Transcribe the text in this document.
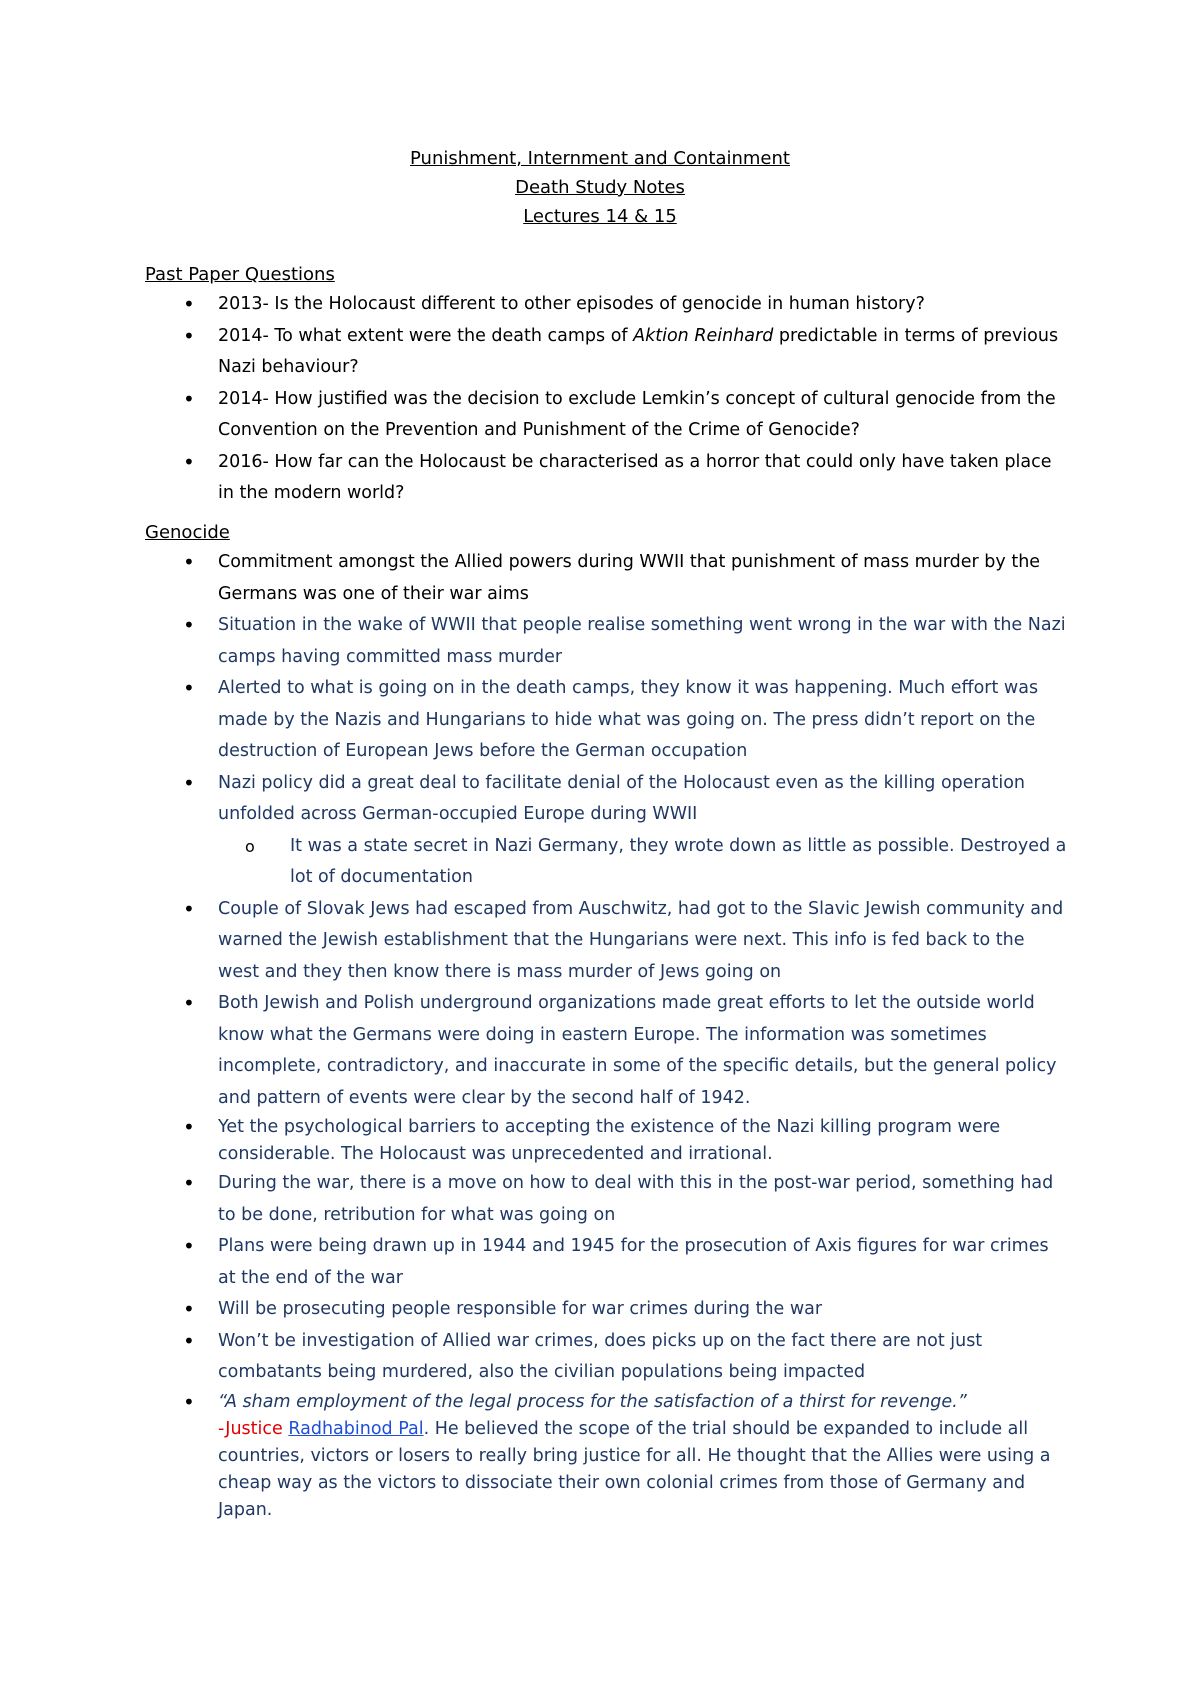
Punishment, Internment and Containment
Death Study Notes
Lectures 14 & 15
Past Paper Questions
• 2013- Is the Holocaust different to other episodes of genocide in human history?
• 2014- To what extent were the death camps of Aktion Reinhard predictable in terms of previous Nazi behaviour?
• 2014- How justified was the decision to exclude Lemkin’s concept of cultural genocide from the Convention on the Prevention and Punishment of the Crime of Genocide?
• 2016- How far can the Holocaust be characterised as a horror that could only have taken place in the modern world?
Genocide
• Commitment amongst the Allied powers during WWII that punishment of mass murder by the Germans was one of their war aims
• Situation in the wake of WWII that people realise something went wrong in the war with the Nazi camps having committed mass murder
• Alerted to what is going on in the death camps, they know it was happening. Much effort was made by the Nazis and Hungarians to hide what was going on. The press didn’t report on the destruction of European Jews before the German occupation
• Nazi policy did a great deal to facilitate denial of the Holocaust even as the killing operation unfolded across German-occupied Europe during WWII
o It was a state secret in Nazi Germany, they wrote down as little as possible. Destroyed a lot of documentation
• Couple of Slovak Jews had escaped from Auschwitz, had got to the Slavic Jewish community and warned the Jewish establishment that the Hungarians were next. This info is fed back to the west and they then know there is mass murder of Jews going on
• Both Jewish and Polish underground organizations made great efforts to let the outside world know what the Germans were doing in eastern Europe. The information was sometimes incomplete, contradictory, and inaccurate in some of the specific details, but the general policy and pattern of events were clear by the second half of 1942.
• Yet the psychological barriers to accepting the existence of the Nazi killing program were considerable. The Holocaust was unprecedented and irrational.
• During the war, there is a move on how to deal with this in the post-war period, something had to be done, retribution for what was going on
• Plans were being drawn up in 1944 and 1945 for the prosecution of Axis figures for war crimes at the end of the war
• Will be prosecuting people responsible for war crimes during the war
• Won’t be investigation of Allied war crimes, does picks up on the fact there are not just combatants being murdered, also the civilian populations being impacted
• “A sham employment of the legal process for the satisfaction of a thirst for revenge.”
-Justice Radhabinod Pal. He believed the scope of the trial should be expanded to include all countries, victors or losers to really bring justice for all. He thought that the Allies were using a cheap way as the victors to dissociate their own colonial crimes from those of Germany and Japan.
